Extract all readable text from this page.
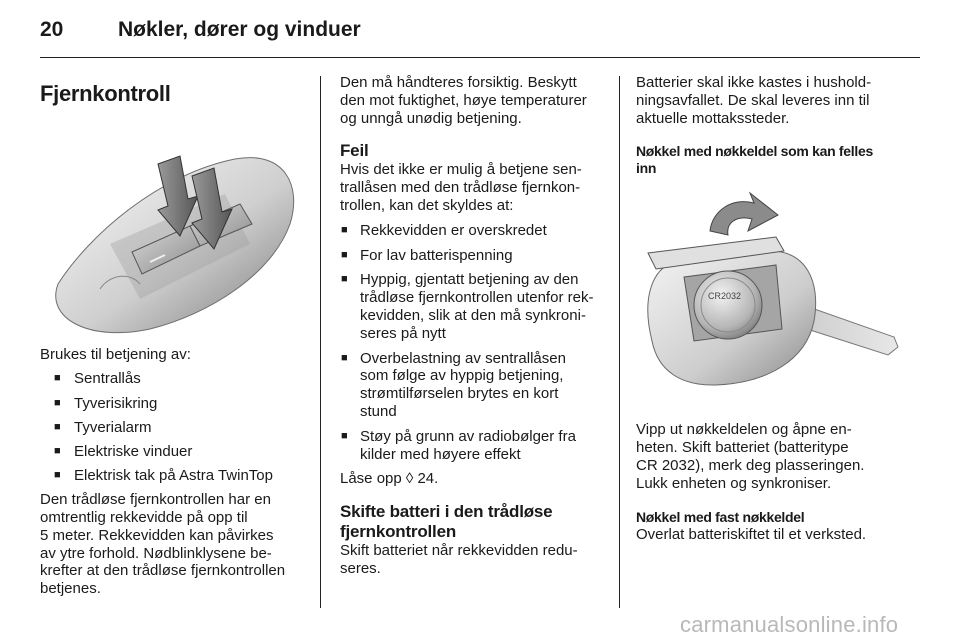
20	Nøkler, dører og vinduer
Fjernkontroll

Brukes til betjening av:

■ Sentrallås
■ Tyverisikring
■ Tyverialarm
■ Elektriske vinduer
■ Elektrisk tak på Astra TwinTop

Den trådløse fjernkontrollen har en
omtrentlig rekkevidde på opp til
5 meter. Rekkevidden kan påvirkes
av ytre forhold. Nødblinklysene be-
krefter at den trådløse fjernkontrollen
betjenes.

Den må håndteres forsiktig. Beskytt
den mot fuktighet, høye temperaturer
og unngå unødig betjening.

Feil

Hvis det ikke er mulig å betjene sen-
trallåsen med den trådløse fjernkon-
trollen, kan det skyldes at:

■ Rekkevidden er overskredet
■ For lav batterispenning
■ Hyppig, gjentatt betjening av den
trådløse fjernkontrollen utenfor rek-
kevidden, slik at den må synkroni-
seres på nytt
■ Overbelastning av sentrallåsen
som følge av hyppig betjening,
strømtilførselen brytes en kort
stund
■ Støy på grunn av radiobølger fra
kilder med høyere effekt

Låse opp ◊ 24.

Skifte batteri i den trådløse
fjernkontrollen

Skift batteriet når rekkevidden redu-
seres.

Batterier skal ikke kastes i hushold-
ningsavfallet. De skal leveres inn til
aktuelle mottakssteder.

Nøkkel med nøkkeldel som kan felles
inn
CR2032

Vipp ut nøkkeldelen og åpne en-
heten. Skift batteriet (batteritype
CR 2032), merk deg plasseringen.
Lukk enheten og synkroniser.

Nøkkel med fast nøkkeldel

Overlat batteriskiftet til et verksted.

carmanualsonline.info
